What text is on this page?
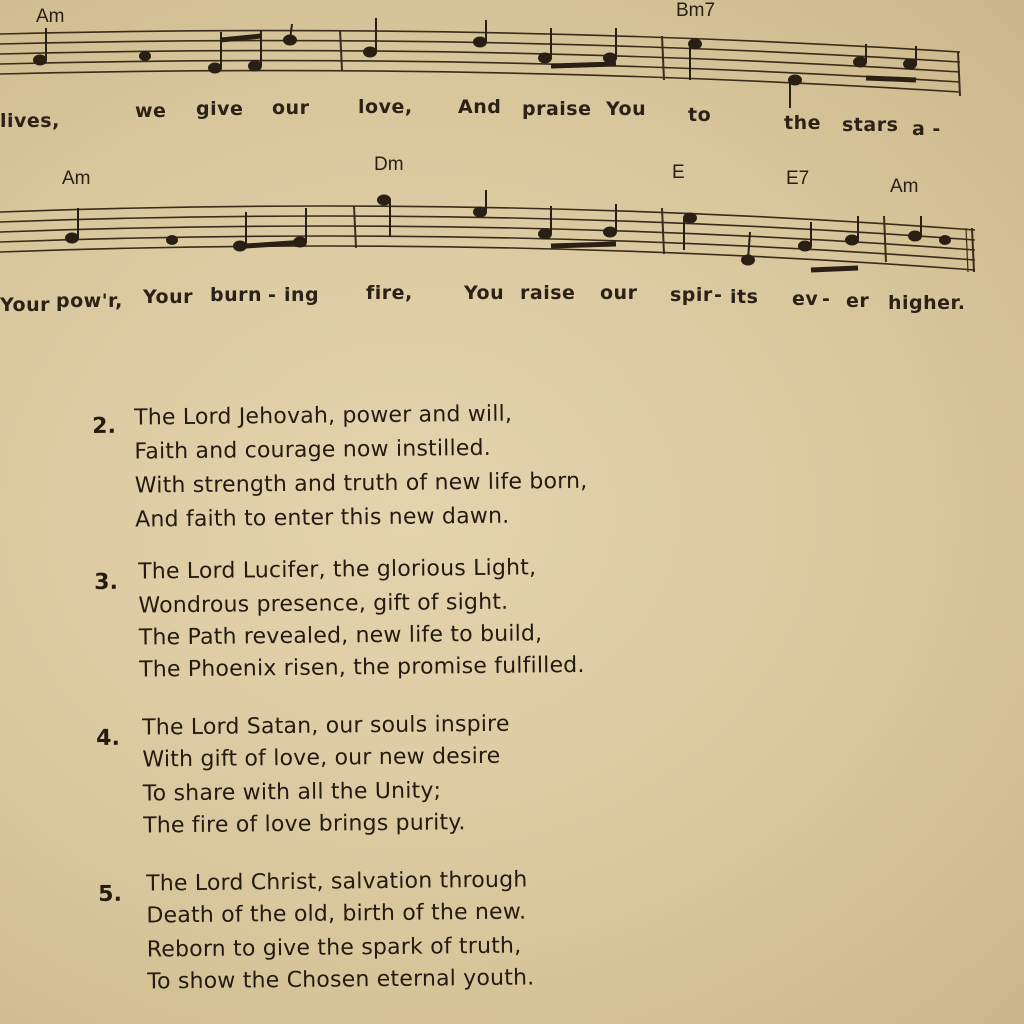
Am	Bm7
lives,	we give our	love, And praise You to	the stars a -
Am
Dm	E	E7	Am
Your pow'r, Your burn - ing fire,	You raise our spir - its ev - er higher.
2. The Lord Jehovah, power and will,
Faith and courage now instilled.
With strength and truth of new life born,
And faith to enter this new dawn.
3. The Lord Lucifer, the glorious Light,
Wondrous presence, gift of sight.
The Path revealed, new life to build,
The Phoenix risen, the promise fulfilled.
4. The Lord Satan, our souls inspire
With gift of love, our new desire
To share with all the Unity;
The fire of love brings purity.
5. The Lord Christ, salvation through
Death of the old, birth of the new.
Reborn to give the spark of truth,
To show the Chosen eternal youth.
